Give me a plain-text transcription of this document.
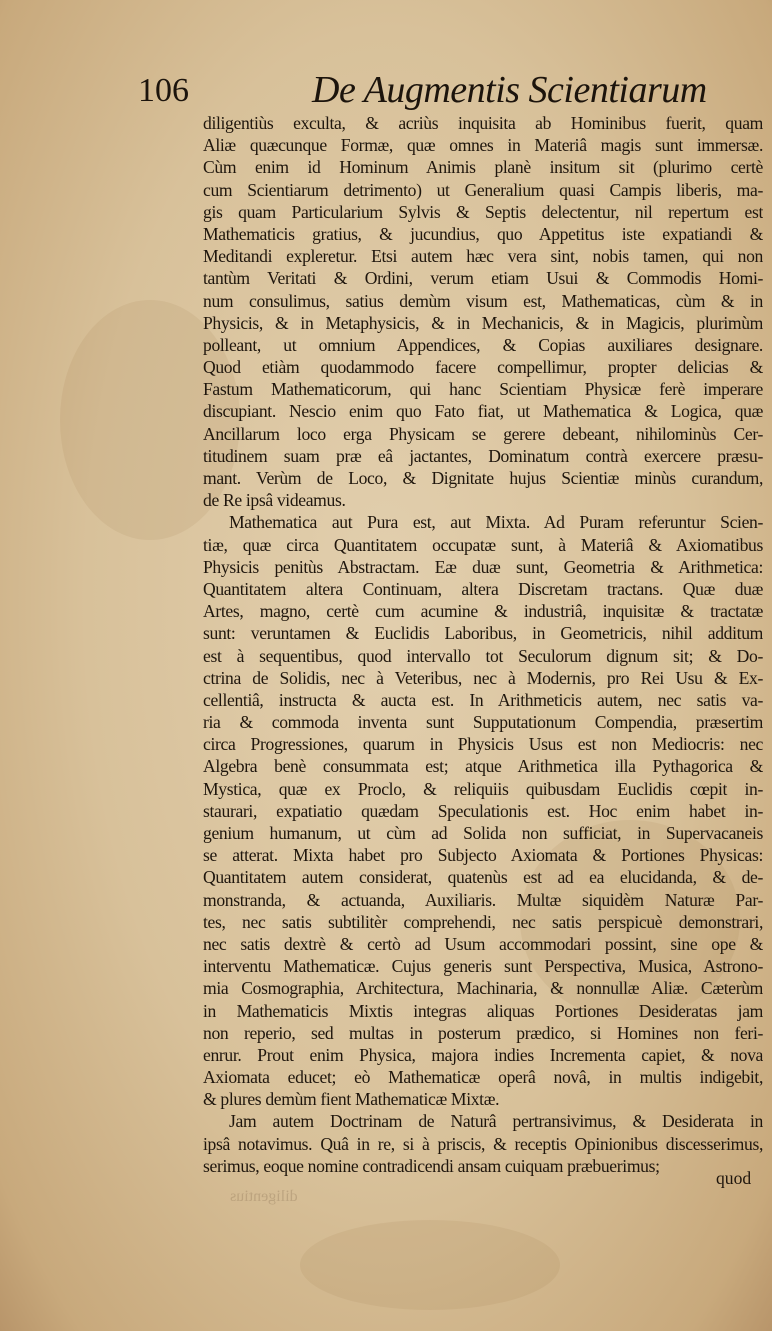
106	De Augmentis Scientiarum
diligentiùs exculta, & acriùs inquisita ab Hominibus fuerit, quam
Aliæ quæcunque Formæ, quæ omnes in Materiâ magis sunt immersæ.
Cùm enim id Hominum Animis planè insitum sit (plurimo certè
cum Scientiarum detrimento) ut Generalium quasi Campis liberis, ma-
gis quam Particularium Sylvis & Septis delectentur, nil repertum est
Mathematicis gratius, & jucundius, quo Appetitus iste expatiandi &
Meditandi expleretur. Etsi autem hæc vera sint, nobis tamen, qui non
tantùm Veritati & Ordini, verum etiam Usui & Commodis Homi-
num consulimus, satius demùm visum est, Mathematicas, cùm & in
Physicis, & in Metaphysicis, & in Mechanicis, & in Magicis, plurimùm
polleant, ut omnium Appendices, & Copias auxiliares designare.
Quod etiàm quodammodo facere compellimur, propter delicias &
Fastum Mathematicorum, qui hanc Scientiam Physicæ ferè imperare
discupiant. Nescio enim quo Fato fiat, ut Mathematica & Logica, quæ
Ancillarum loco erga Physicam se gerere debeant, nihilominùs Cer-
titudinem suam præ eâ jactantes, Dominatum contrà exercere præsu-
mant. Verùm de Loco, & Dignitate hujus Scientiæ minùs curandum,
de Re ipsâ videamus.
Mathematica aut Pura est, aut Mixta. Ad Puram referuntur Scien-
tiæ, quæ circa Quantitatem occupatæ sunt, à Materiâ & Axiomatibus
Physicis penitùs Abstractam. Eæ duæ sunt, Geometria & Arithmetica:
Quantitatem altera Continuam, altera Discretam tractans. Quæ duæ
Artes, magno, certè cum acumine & industriâ, inquisitæ & tractatæ
sunt: veruntamen & Euclidis Laboribus, in Geometricis, nihil additum
est à sequentibus, quod intervallo tot Seculorum dignum sit; & Do-
ctrina de Solidis, nec à Veteribus, nec à Modernis, pro Rei Usu & Ex-
cellentiâ, instructa & aucta est. In Arithmeticis autem, nec satis va-
ria & commoda inventa sunt Supputationum Compendia, præsertim
circa Progressiones, quarum in Physicis Usus est non Mediocris: nec
Algebra benè consummata est; atque Arithmetica illa Pythagorica &
Mystica, quæ ex Proclo, & reliquiis quibusdam Euclidis cœpit in-
staurari, expatiatio quædam Speculationis est. Hoc enim habet in-
genium humanum, ut cùm ad Solida non sufficiat, in Supervacaneis
se atterat. Mixta habet pro Subjecto Axiomata & Portiones Physicas:
Quantitatem autem considerat, quatenùs est ad ea elucidanda, & de-
monstranda, & actuanda, Auxiliaris. Multæ siquidèm Naturæ Par-
tes, nec satis subtilitèr comprehendi, nec satis perspicuè demonstrari,
nec satis dextrè & certò ad Usum accommodari possint, sine ope &
interventu Mathematicæ. Cujus generis sunt Perspectiva, Musica, Astrono-
mia Cosmographia, Architectura, Machinaria, & nonnullæ Aliæ. Cæterùm
in Mathematicis Mixtis integras aliquas Portiones Desideratas jam
non reperio, sed multas in posterum prædico, si Homines non feri-
enrur. Prout enim Physica, majora indies Incrementa capiet, & nova
Axiomata educet; eò Mathematicæ operâ novâ, in multis indigebit,
& plures demùm fient Mathematicæ Mixtæ.
Jam autem Doctrinam de Naturâ pertransivimus, & Desiderata in
ipsâ notavimus. Quâ in re, si à priscis, & receptis Opinionibus discesserimus,
serimus, eoque nomine contradicendi ansam cuiquam præbuerimus;
quod
diligentius
